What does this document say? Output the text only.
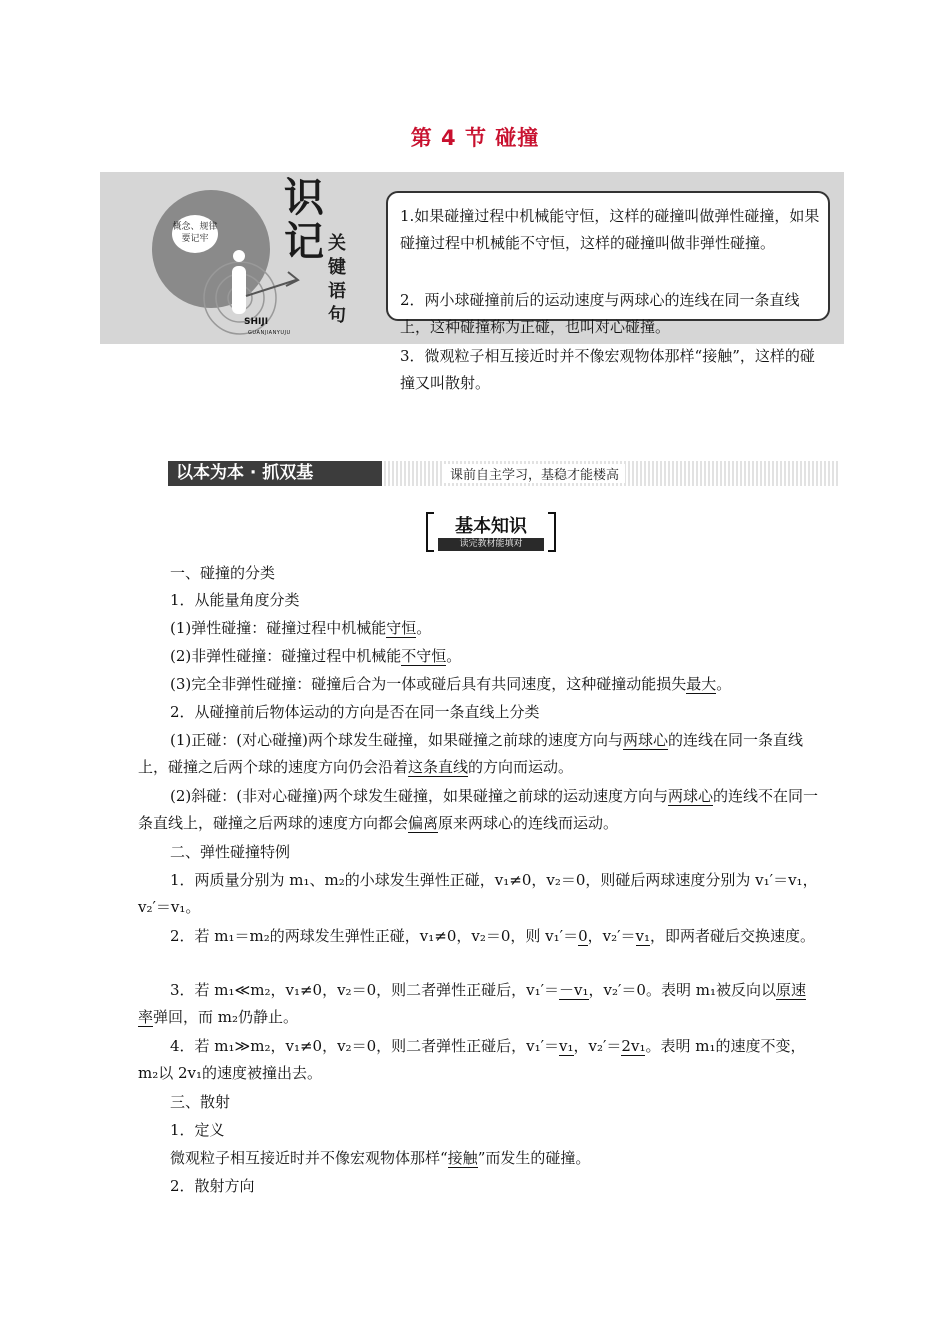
第 4 节 碰撞
概念、规律
要记牢
SHIJI
GUANJIANYUJU
识
记 关
键
语
句
1.如果碰撞过程中机械能守恒，这样的碰撞叫做弹性碰撞，如果碰撞过程中机械能不守恒，这样的碰撞叫做非弹性碰撞。
2．两小球碰撞前后的运动速度与两球心的连线在同一条直线上，这种碰撞称为正碰，也叫对心碰撞。
3．微观粒子相互接近时并不像宏观物体那样“接触”，这样的碰撞又叫散射。
以本为本 · 抓双基	课前自主学习，基稳才能楼高
基本知识
读完教材能填对
一、碰撞的分类
1．从能量角度分类
(1)弹性碰撞：碰撞过程中机械能守恒。
(2)非弹性碰撞：碰撞过程中机械能不守恒。
(3)完全非弹性碰撞：碰撞后合为一体或碰后具有共同速度，这种碰撞动能损失最大。
2．从碰撞前后物体运动的方向是否在同一条直线上分类
(1)正碰：(对心碰撞)两个球发生碰撞，如果碰撞之前球的速度方向与两球心的连线在同一条直线上，碰撞之后两个球的速度方向仍会沿着这条直线的方向而运动。
(2)斜碰：(非对心碰撞)两个球发生碰撞，如果碰撞之前球的运动速度方向与两球心的连线不在同一条直线上，碰撞之后两球的速度方向都会偏离原来两球心的连线而运动。
二、弹性碰撞特例
1．两质量分别为 m₁、m₂的小球发生弹性正碰，v₁≠0，v₂＝0，则碰后两球速度分别为 v₁′＝v₁，v₂′＝v₁。
2．若 m₁＝m₂的两球发生弹性正碰，v₁≠0，v₂＝0，则 v₁′＝0，v₂′＝v₁，即两者碰后交换速度。
3．若 m₁≪m₂，v₁≠0，v₂＝0，则二者弹性正碰后，v₁′＝－v₁，v₂′＝0。表明 m₁被反向以原速率弹回，而 m₂仍静止。
4．若 m₁≫m₂，v₁≠0，v₂＝0，则二者弹性正碰后，v₁′＝v₁，v₂′＝2v₁。表明 m₁的速度不变，m₂以 2v₁的速度被撞出去。
三、散射
1．定义
微观粒子相互接近时并不像宏观物体那样“接触”而发生的碰撞。
2．散射方向
